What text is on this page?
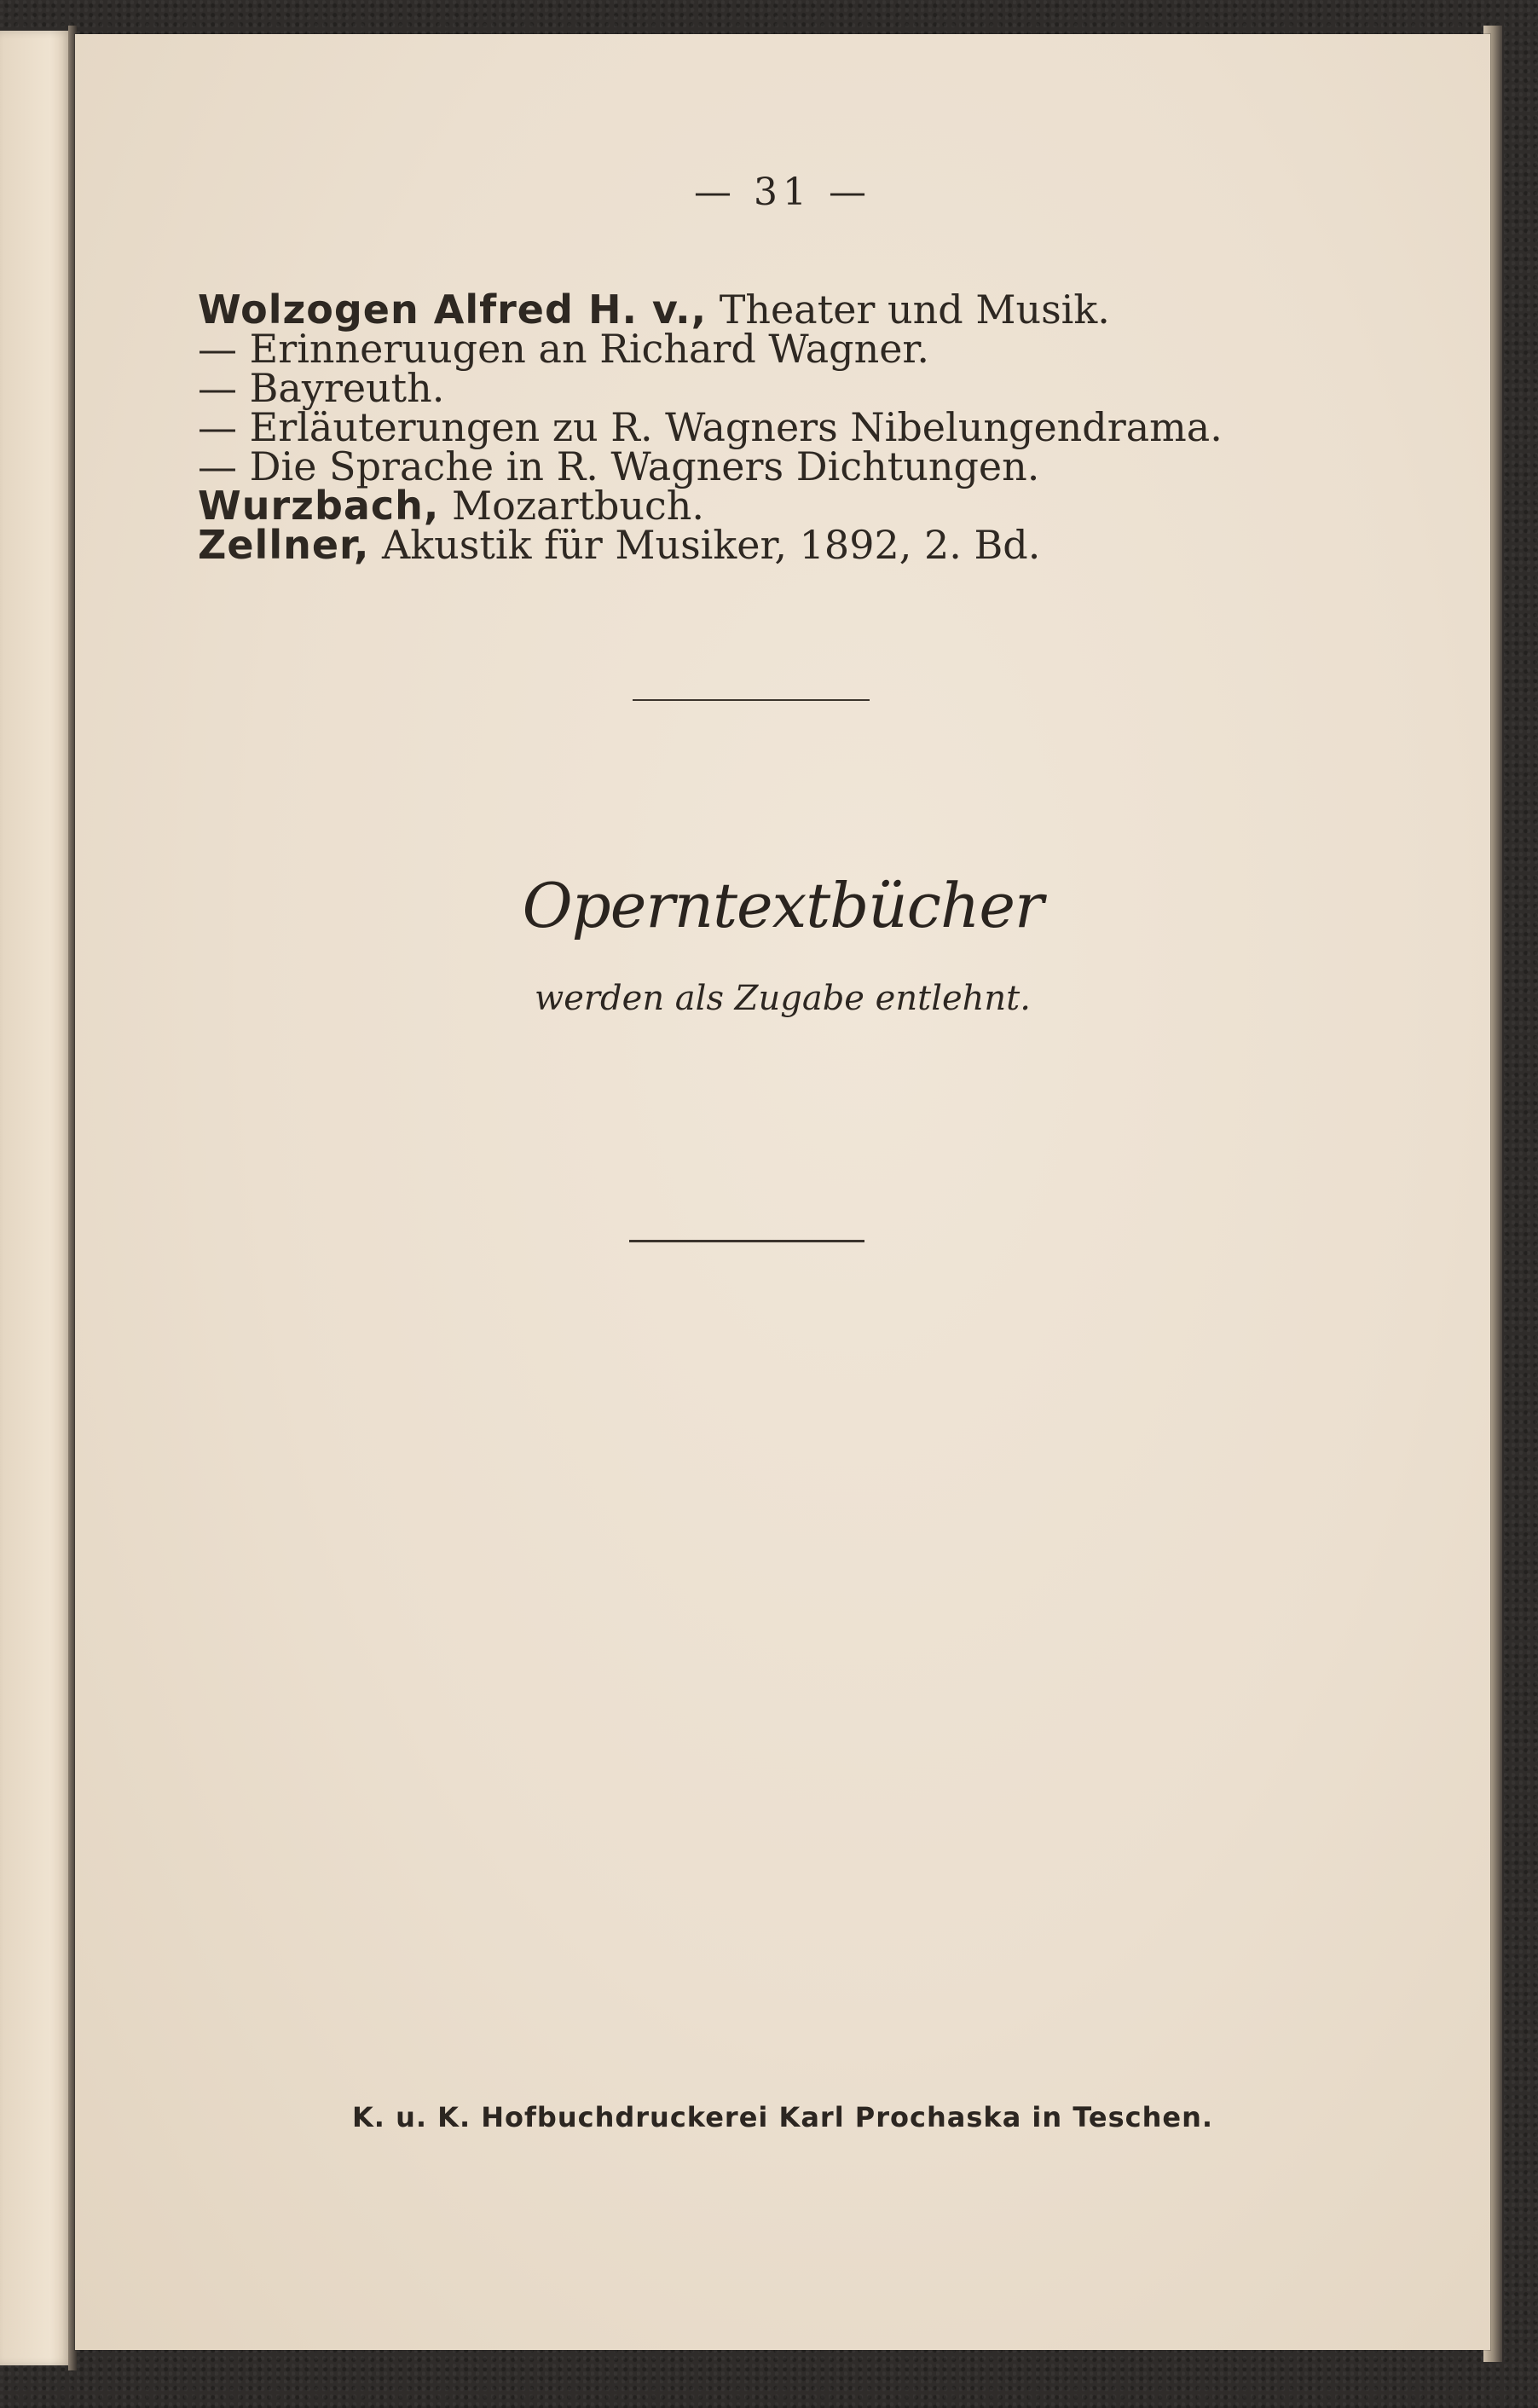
— 31 —
Wolzogen Alfred H. v., Theater und Musik.
— Erinneruugen an Richard Wagner.
— Bayreuth.
— Erläuterungen zu R. Wagners Nibelungendrama.
— Die Sprache in R. Wagners Dichtungen.
Wurzbach, Mozartbuch.
Zellner, Akustik für Musiker, 1892, 2. Bd.
Operntextbücher
werden als Zugabe entlehnt.
K. u. K. Hofbuchdruckerei Karl Prochaska in Teschen.
